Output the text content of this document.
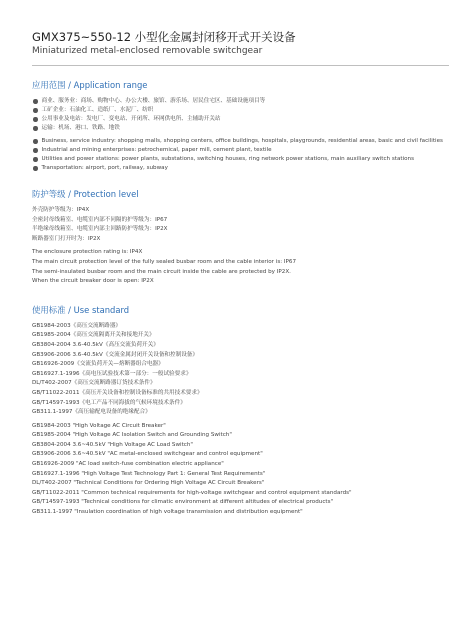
GMX375~550-12 小型化金属封闭移开式开关设备
Miniaturized metal-enclosed removable switchgear
应用范围 / Application range
商业、服务业：商场、购物中心、办公大楼、旅馆、游乐场、居民住宅区、基础设施项目等
工矿企业：石油化工、造纸厂、水泥厂、纺织
公用事业及电站：发电厂、变电站、开闭所、环网供电所、主辅助开关站
运输：机场、港口、铁路、地铁
Business, service industry: shopping malls, shopping centers, office buildings, hospitals, playgrounds, residential areas, basic and civil facilities
Industrial and mining enterprises: petrochemical, paper mill, cement plant, textile
Utilities and power stations: power plants, substations, switching houses, ring network power stations, main auxiliary switch stations
Transportation: airport, port, railway, subway
防护等级 / Protection level
外壳防护等级为：IP4X
全密封母线箱室、电缆室内部不同隔的护等级为：IP67
半绝缘母线箱室、电缆室内部主回路防护等级为：IP2X
断路器室门打开时为：IP2X
The enclosure protection rating is: IP4X
The main circuit protection level of the fully sealed busbar room and the cable interior is: IP67
The semi-insulated busbar room and the main circuit inside the cable are protected by IP2X.
When the circuit breaker door is open: IP2X
使用标准 / Use standard
GB1984-2003《高压交流断路器》
GB1985-2004《高压交流隔离开关和接地开关》
GB3804-2004 3.6-40.5kV《高压交流负荷开关》
GB3906-2006 3.6-40.5kV《交流金属封闭开关设备和控制设备》
GB16926-2009《交流负荷开关—熔断器组合电器》
GB16927.1-1996《高电压试验技术第一部分：一般试验要求》
DL/T402-2007《高压交流断路器订货技术条件》
GB/T11022-2011《高压开关设备和控制设备标准的共用技术要求》
GB/T14597-1993《电工产品不同海拔的气候环境技术条件》
GB311.1-1997《高压输配电设备的绝缘配合》
GB1984-2003 "High Voltage AC Circuit Breaker"
GB1985-2004 "High Voltage AC Isolation Switch and Grounding Switch"
GB3804-2004 3.6~40.5kV "High Voltage AC Load Switch"
GB3906-2006 3.6~40.5kV "AC metal-enclosed switchgear and control equipment"
GB16926-2009 "AC load switch-fuse combination electric appliance"
GB16927.1-1996 "High Voltage Test Technology Part 1: General Test Requirements"
DL/T402-2007 "Technical Conditions for Ordering High Voltage AC Circuit Breakers"
GB/T11022-2011 "Common technical requirements for high-voltage switchgear and control equipment standards"
GB/T14597-1993 "Technical conditions for climatic environment at different altitudes of electrical products"
GB311.1-1997 "Insulation coordination of high voltage transmission and distribution equipment"
